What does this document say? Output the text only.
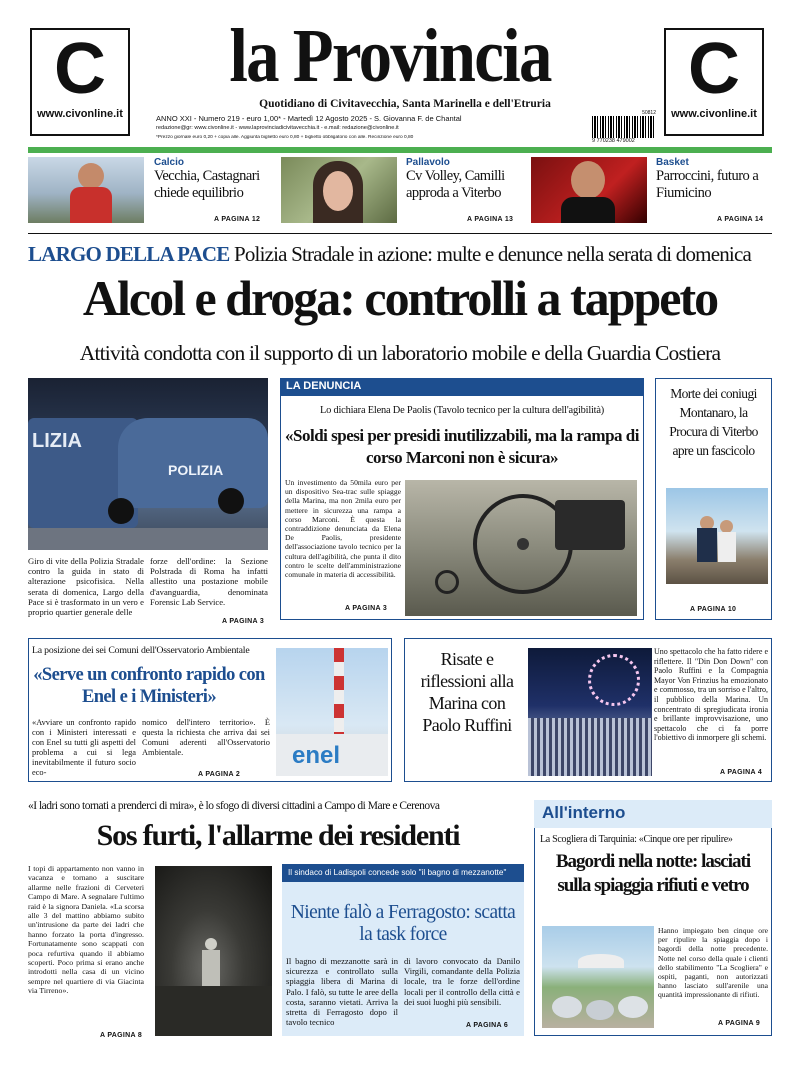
C
www.civonline.it
C
www.civonline.it
la Provincia
Quotidiano di Civitavecchia, Santa Marinella e dell'Etruria
ANNO XXI - Numero 219 - euro 1,00* - Martedì 12 Agosto 2025 - S. Giovanna F. de Chantal
redazione@gr: www.civonline.it - www.laprovinciadicivitavecchia.it - e.mail: redazione@civonline.it
*Prezzo giornale euro 0,20 + copia alle. Aggiunta biglietto euro 0,80 + biglietto obbligatorio con alle. Recinzione euro 0,80
50812
9 770238 479002
Calcio
Vecchia, Castagnari chiede equilibrio
A PAGINA 12
Pallavolo
Cv Volley, Camilli approda a Viterbo
A PAGINA 13
Basket
Parroccini, futuro a Fiumicino
A PAGINA 14
LARGO DELLA PACE Polizia Stradale in azione: multe e denunce nella serata di domenica
Alcol e droga: controlli a tappeto
Attività condotta con il supporto di un laboratorio mobile e della Guardia Costiera
LIZIA
POLIZIA
Giro di vite della Polizia Stradale contro la guida in stato di alterazione psicofisica. Nella serata di domenica, Largo della Pace si è trasformato in un vero e proprio quartier generale delle
forze dell'ordine: la Sezione Polstrada di Roma ha infatti allestito una postazione mobile d'avanguardia, denominata Forensic Lab Service.
A PAGINA 3
LA DENUNCIA
Lo dichiara Elena De Paolis (Tavolo tecnico per la cultura dell'agibilità)
«Soldi spesi per presidi inutilizzabili, ma la rampa di corso Marconi non è sicura»
Un investimento da 50mila euro per un dispositivo Sea-trac sulle spiagge della Marina, ma non 2mila euro per mettere in sicurezza una rampa a corso Marconi. È questa la contraddizione denunciata da Elena De Paolis, presidente dell'associazione tavolo tecnico per la cultura dell'agibilità, che punta il dito contro le scelte dell'amministrazione comunale in materia di accessibilità.
A PAGINA 3
Morte dei coniugi Montanaro, la Procura di Viterbo apre un fascicolo
A PAGINA 10
La posizione dei sei Comuni dell'Osservatorio Ambientale
«Serve un confronto rapido con Enel e i Ministeri»
«Avviare un confronto rapido con i Ministeri interessati e con Enel su tutti gli aspetti del problema a cui si lega inevitabilmente il futuro socio eco-
nomico dell'intero territorio». È questa la richiesta che arriva dai sei Comuni aderenti all'Osservatorio Ambientale.
A PAGINA 2
enel
Risate e riflessioni alla Marina con Paolo Ruffini
Uno spettacolo che ha fatto ridere e riflettere. Il "Din Don Down" con Paolo Ruffini e la Compagnia Mayor Von Frinzius ha emozionato e commosso, tra un sorriso e l'altro, il pubblico della Marina. Un concentrato di spregiudicata ironia e brillante improvvisazione, uno spettacolo che ci fa porre l'obiettivo di inmorpere gli schemi.
A PAGINA 4
«I ladri sono tornati a prenderci di mira», è lo sfogo di diversi cittadini a Campo di Mare e Cerenova
Sos furti, l'allarme dei residenti
I topi di appartamento non vanno in vacanza e tornano a suscitare allarme nelle frazioni di Cerveteri Campo di Mare. A segnalare l'ultimo raid è la signora Daniela. «La scorsa alle 3 del mattino abbiamo subito un'intrusione da parte dei ladri che hanno forzato la porta d'ingresso. Fortunatamente sono scappati con poca refurtiva quando il abbiamo scoperti. Poco prima si erano anche introdotti nella casa di un vicino sempre nel quartiere di via Giacinta via Tirreno».
A PAGINA 8
Il sindaco di Ladispoli concede solo "il bagno di mezzanotte"
Niente falò a Ferragosto: scatta la task force
Il bagno di mezzanotte sarà in sicurezza e controllato sulla spiaggia libera di Marina di Palo. I falò, su tutte le aree della costa, saranno vietati. Arriva la stretta di Ferragosto dopo il tavolo tecnico
di lavoro convocato da Danilo Virgili, comandante della Polizia locale, tra le forze dell'ordine locali per il controllo della città e dei suoi luoghi più sensibili.
A PAGINA 6
All'interno
La Scogliera di Tarquinia: «Cinque ore per ripulire»
Bagordi nella notte: lasciati sulla spiaggia rifiuti e vetro
Hanno impiegato ben cinque ore per ripulire la spiaggia dopo i bagordi della notte precedente. Notte nel corso della quale i clienti dello stabilimento "La Scogliera" e ospiti, paganti, non autorizzati hanno lasciato sull'arenile una quantità impressionante di rifiuti.
A PAGINA 9
